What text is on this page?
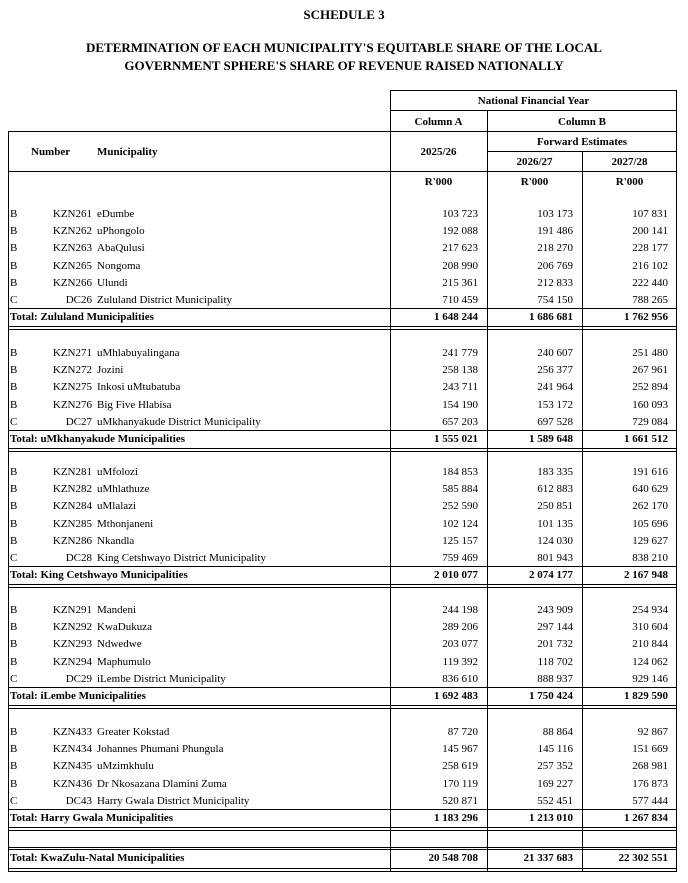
SCHEDULE 3
DETERMINATION OF EACH MUNICIPALITY'S EQUITABLE SHARE OF THE LOCAL
GOVERNMENT SPHERE'S SHARE OF REVENUE RAISED NATIONALLY
National Financial Year
Column A	Column B
Forward Estimates
Number Municipality	2025/26
2026/27	2027/28
R'000	R'000	R'000
B	KZN261 eDumbe	103 723	103 173	107 831
B	KZN262 uPhongolo	192 088	191 486	200 141
B	KZN263 AbaQulusi	217 623	218 270	228 177
B	KZN265 Nongoma	208 990	206 769	216 102
B	KZN266 Ulundi	215 361	212 833	222 440
C	DC26 Zululand District Municipality	710 459	754 150	788 265
Total: Zululand Municipalities	1 648 244	1 686 681	1 762 956
B	KZN271 uMhlabuyalingana	241 779	240 607	251 480
B	KZN272 Jozini	258 138	256 377	267 961
B	KZN275 Inkosi uMtubatuba	243 711	241 964	252 894
B	KZN276 Big Five Hlabisa	154 190	153 172	160 093
C	DC27 uMkhanyakude District Municipality	657 203	697 528	729 084
Total: uMkhanyakude Municipalities	1 555 021	1 589 648	1 661 512
B	KZN281 uMfolozi	184 853	183 335	191 616
B	KZN282 uMhlathuze	585 884	612 883	640 629
B	KZN284 uMlalazi	252 590	250 851	262 170
B	KZN285 Mthonjaneni	102 124	101 135	105 696
B	KZN286 Nkandla	125 157	124 030	129 627
C	DC28 King Cetshwayo District Municipality	759 469	801 943	838 210
Total: King Cetshwayo Municipalities	2 010 077	2 074 177	2 167 948
B	KZN291 Mandeni	244 198	243 909	254 934
B	KZN292 KwaDukuza	289 206	297 144	310 604
B	KZN293 Ndwedwe	203 077	201 732	210 844
B	KZN294 Maphumulo	119 392	118 702	124 062
C	DC29 iLembe District Municipality	836 610	888 937	929 146
Total: iLembe Municipalities	1 692 483	1 750 424	1 829 590
B	KZN433 Greater Kokstad	87 720	88 864	92 867
B	KZN434 Johannes Phumani Phungula	145 967	145 116	151 669
B	KZN435 uMzimkhulu	258 619	257 352	268 981
B	KZN436 Dr Nkosazana Dlamini Zuma	170 119	169 227	176 873
C	DC43 Harry Gwala District Municipality	520 871	552 451	577 444
Total: Harry Gwala Municipalities	1 183 296	1 213 010	1 267 834
Total: KwaZulu-Natal Municipalities	20 548 708	21 337 683	22 302 551
